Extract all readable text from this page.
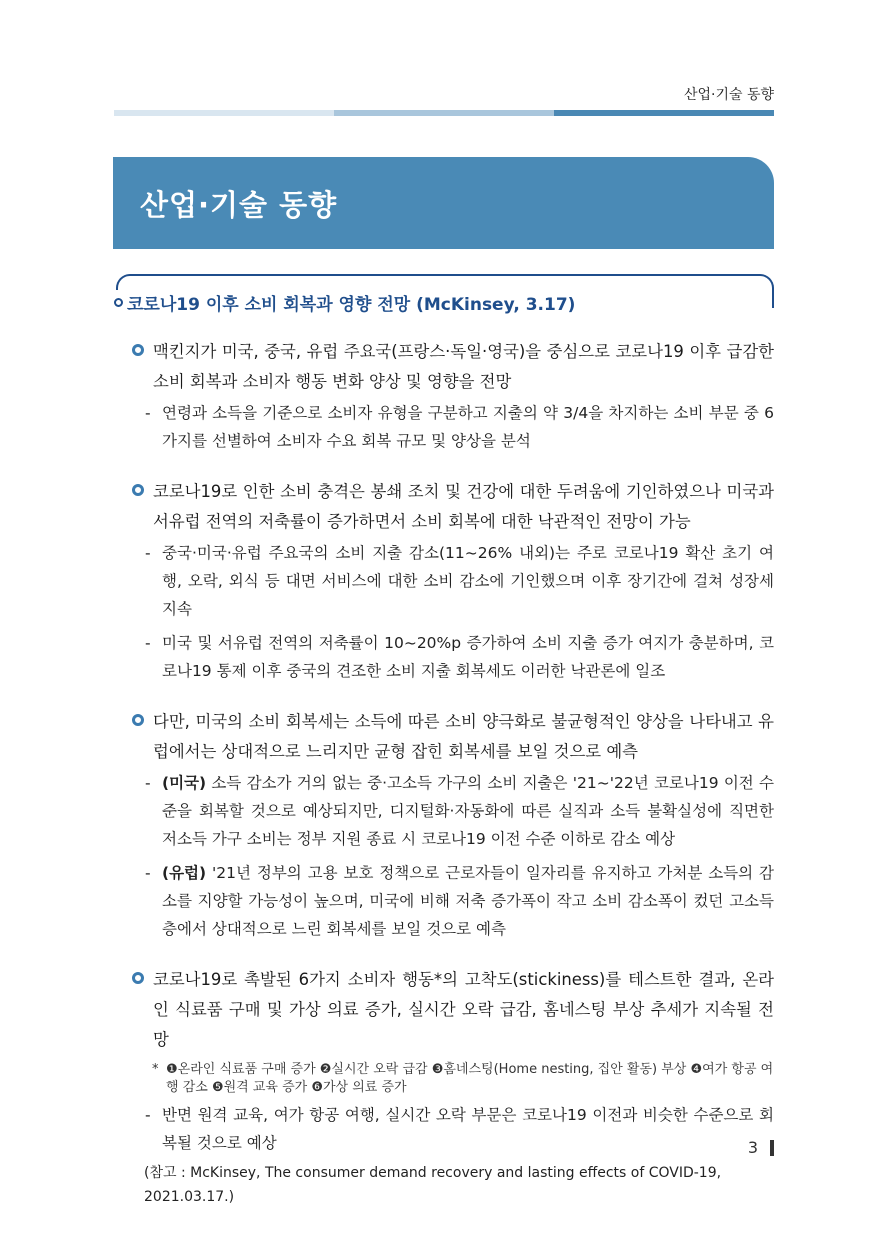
산업·기술 동향
산업·기술 동향
코로나19 이후 소비 회복과 영향 전망 (McKinsey, 3.17)
맥킨지가 미국, 중국, 유럽 주요국(프랑스·독일·영국)을 중심으로 코로나19 이후 급감한 소비 회복과 소비자 행동 변화 양상 및 영향을 전망
- 연령과 소득을 기준으로 소비자 유형을 구분하고 지출의 약 3/4을 차지하는 소비 부문 중 6가지를 선별하여 소비자 수요 회복 규모 및 양상을 분석
코로나19로 인한 소비 충격은 봉쇄 조치 및 건강에 대한 두려움에 기인하였으나 미국과 서유럽 전역의 저축률이 증가하면서 소비 회복에 대한 낙관적인 전망이 가능
- 중국·미국·유럽 주요국의 소비 지출 감소(11~26% 내외)는 주로 코로나19 확산 초기 여행, 오락, 외식 등 대면 서비스에 대한 소비 감소에 기인했으며 이후 장기간에 걸쳐 성장세 지속
- 미국 및 서유럽 전역의 저축률이 10~20%p 증가하여 소비 지출 증가 여지가 충분하며, 코로나19 통제 이후 중국의 견조한 소비 지출 회복세도 이러한 낙관론에 일조
다만, 미국의 소비 회복세는 소득에 따른 소비 양극화로 불균형적인 양상을 나타내고 유럽에서는 상대적으로 느리지만 균형 잡힌 회복세를 보일 것으로 예측
- (미국) 소득 감소가 거의 없는 중·고소득 가구의 소비 지출은 '21~'22년 코로나19 이전 수준을 회복할 것으로 예상되지만, 디지털화·자동화에 따른 실직과 소득 불확실성에 직면한 저소득 가구 소비는 정부 지원 종료 시 코로나19 이전 수준 이하로 감소 예상
- (유럽) '21년 정부의 고용 보호 정책으로 근로자들이 일자리를 유지하고 가처분 소득의 감소를 지양할 가능성이 높으며, 미국에 비해 저축 증가폭이 작고 소비 감소폭이 컸던 고소득층에서 상대적으로 느린 회복세를 보일 것으로 예측
코로나19로 촉발된 6가지 소비자 행동*의 고착도(stickiness)를 테스트한 결과, 온라인 식료품 구매 및 가상 의료 증가, 실시간 오락 급감, 홈네스팅 부상 추세가 지속될 전망
* ❶온라인 식료품 구매 증가 ❷실시간 오락 급감 ❸홈네스팅(Home nesting, 집안 활동) 부상 ❹여가 항공 여행 감소 ❺원격 교육 증가 ❻가상 의료 증가
- 반면 원격 교육, 여가 항공 여행, 실시간 오락 부문은 코로나19 이전과 비슷한 수준으로 회복될 것으로 예상
(참고 : McKinsey, The consumer demand recovery and lasting effects of COVID-19, 2021.03.17.)
3
